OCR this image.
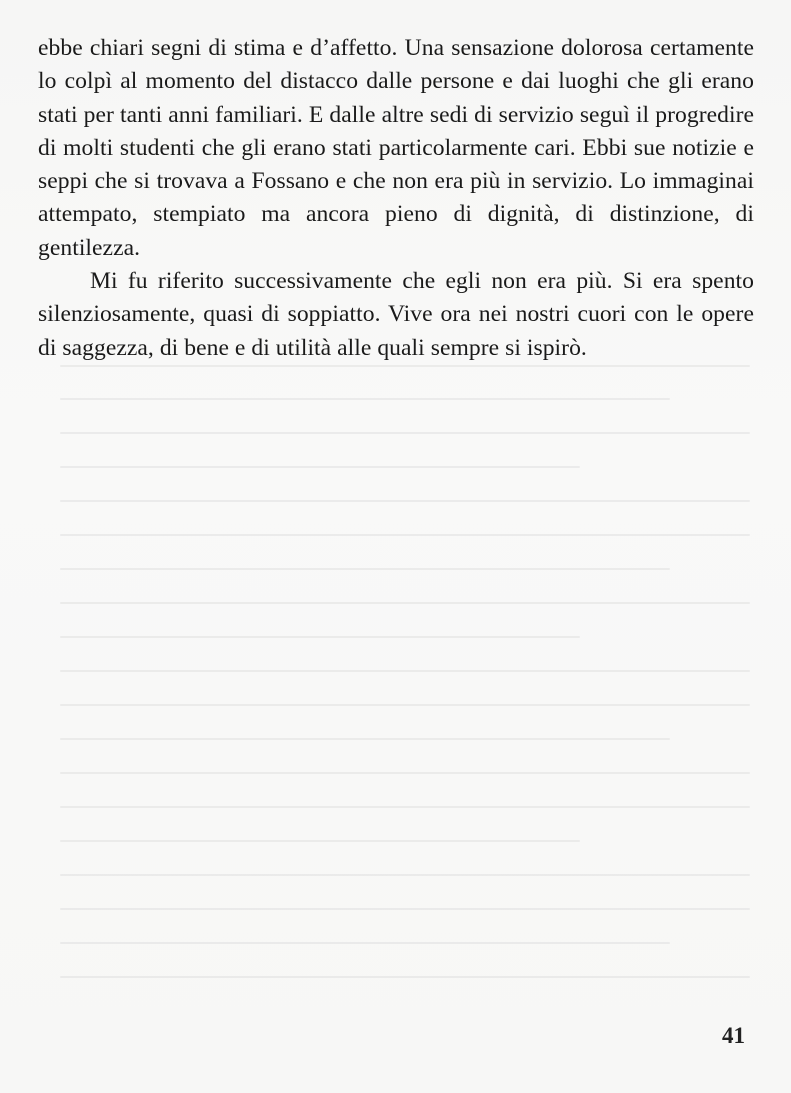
ebbe chiari segni di stima e d’affetto. Una sensazione dolorosa certamente lo colpì al momento del distacco dalle persone e dai luoghi che gli erano stati per tanti anni familiari. E dalle altre sedi di servizio seguì il progredire di molti studenti che gli erano stati particolarmente cari. Ebbi sue notizie e seppi che si trovava a Fossano e che non era più in servizio. Lo immaginai attempato, stempiato ma ancora pieno di dignità, di distinzione, di gentilezza.

Mi fu riferito successivamente che egli non era più. Si era spento silenziosamente, quasi di soppiatto. Vive ora nei nostri cuori con le opere di saggezza, di bene e di utilità alle quali sempre si ispirò.

41
